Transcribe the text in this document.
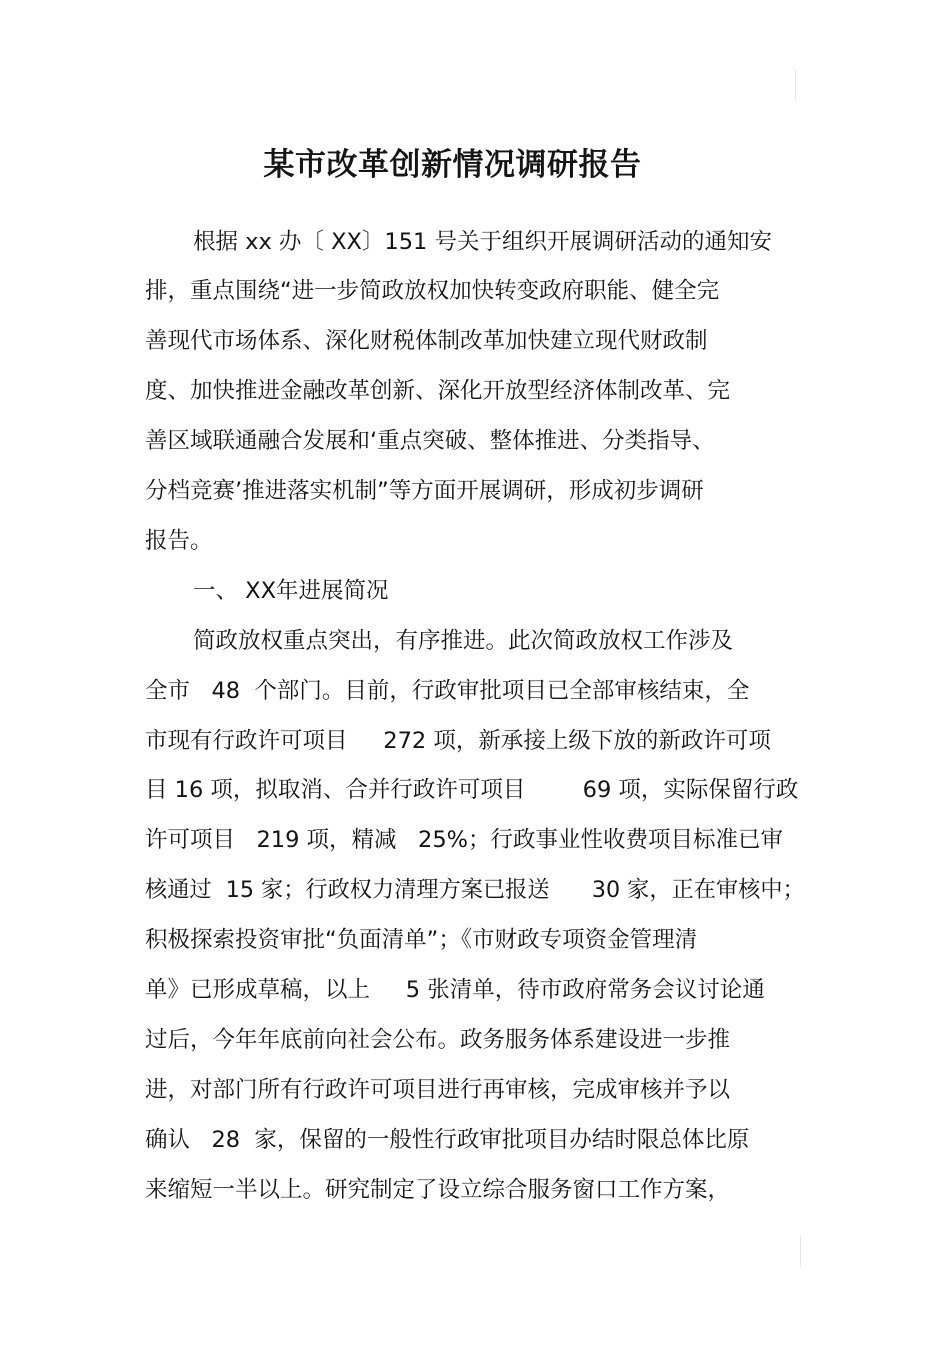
某市改革创新情况调研报告
根据 xx 办〔 XX〕151 号关于组织开展调研活动的通知安
排，重点围绕“进一步简政放权加快转变政府职能、健全完
善现代市场体系、深化财税体制改革加快建立现代财政制
度、加快推进金融改革创新、深化开放型经济体制改革、完
善区域联通融合发展和‘重点突破、整体推进、分类指导、
分档竞赛’推进落实机制”等方面开展调研，形成初步调研
报告。
一、 XX年进展简况
简政放权重点突出，有序推进。此次简政放权工作涉及
全市   48  个部门。目前，行政审批项目已全部审核结束，全
市现有行政许可项目     272 项，新承接上级下放的新政许可项
目 16 项，拟取消、合并行政许可项目        69 项，实际保留行政
许可项目   219 项，精减   25%；行政事业性收费项目标准已审
核通过  15 家；行政权力清理方案已报送      30 家，正在审核中；
积极探索投资审批“负面清单”；《市财政专项资金管理清
单》已形成草稿，以上     5 张清单，待市政府常务会议讨论通
过后，今年年底前向社会公布。政务服务体系建设进一步推
进，对部门所有行政许可项目进行再审核，完成审核并予以
确认   28  家，保留的一般性行政审批项目办结时限总体比原
来缩短一半以上。研究制定了设立综合服务窗口工作方案，
